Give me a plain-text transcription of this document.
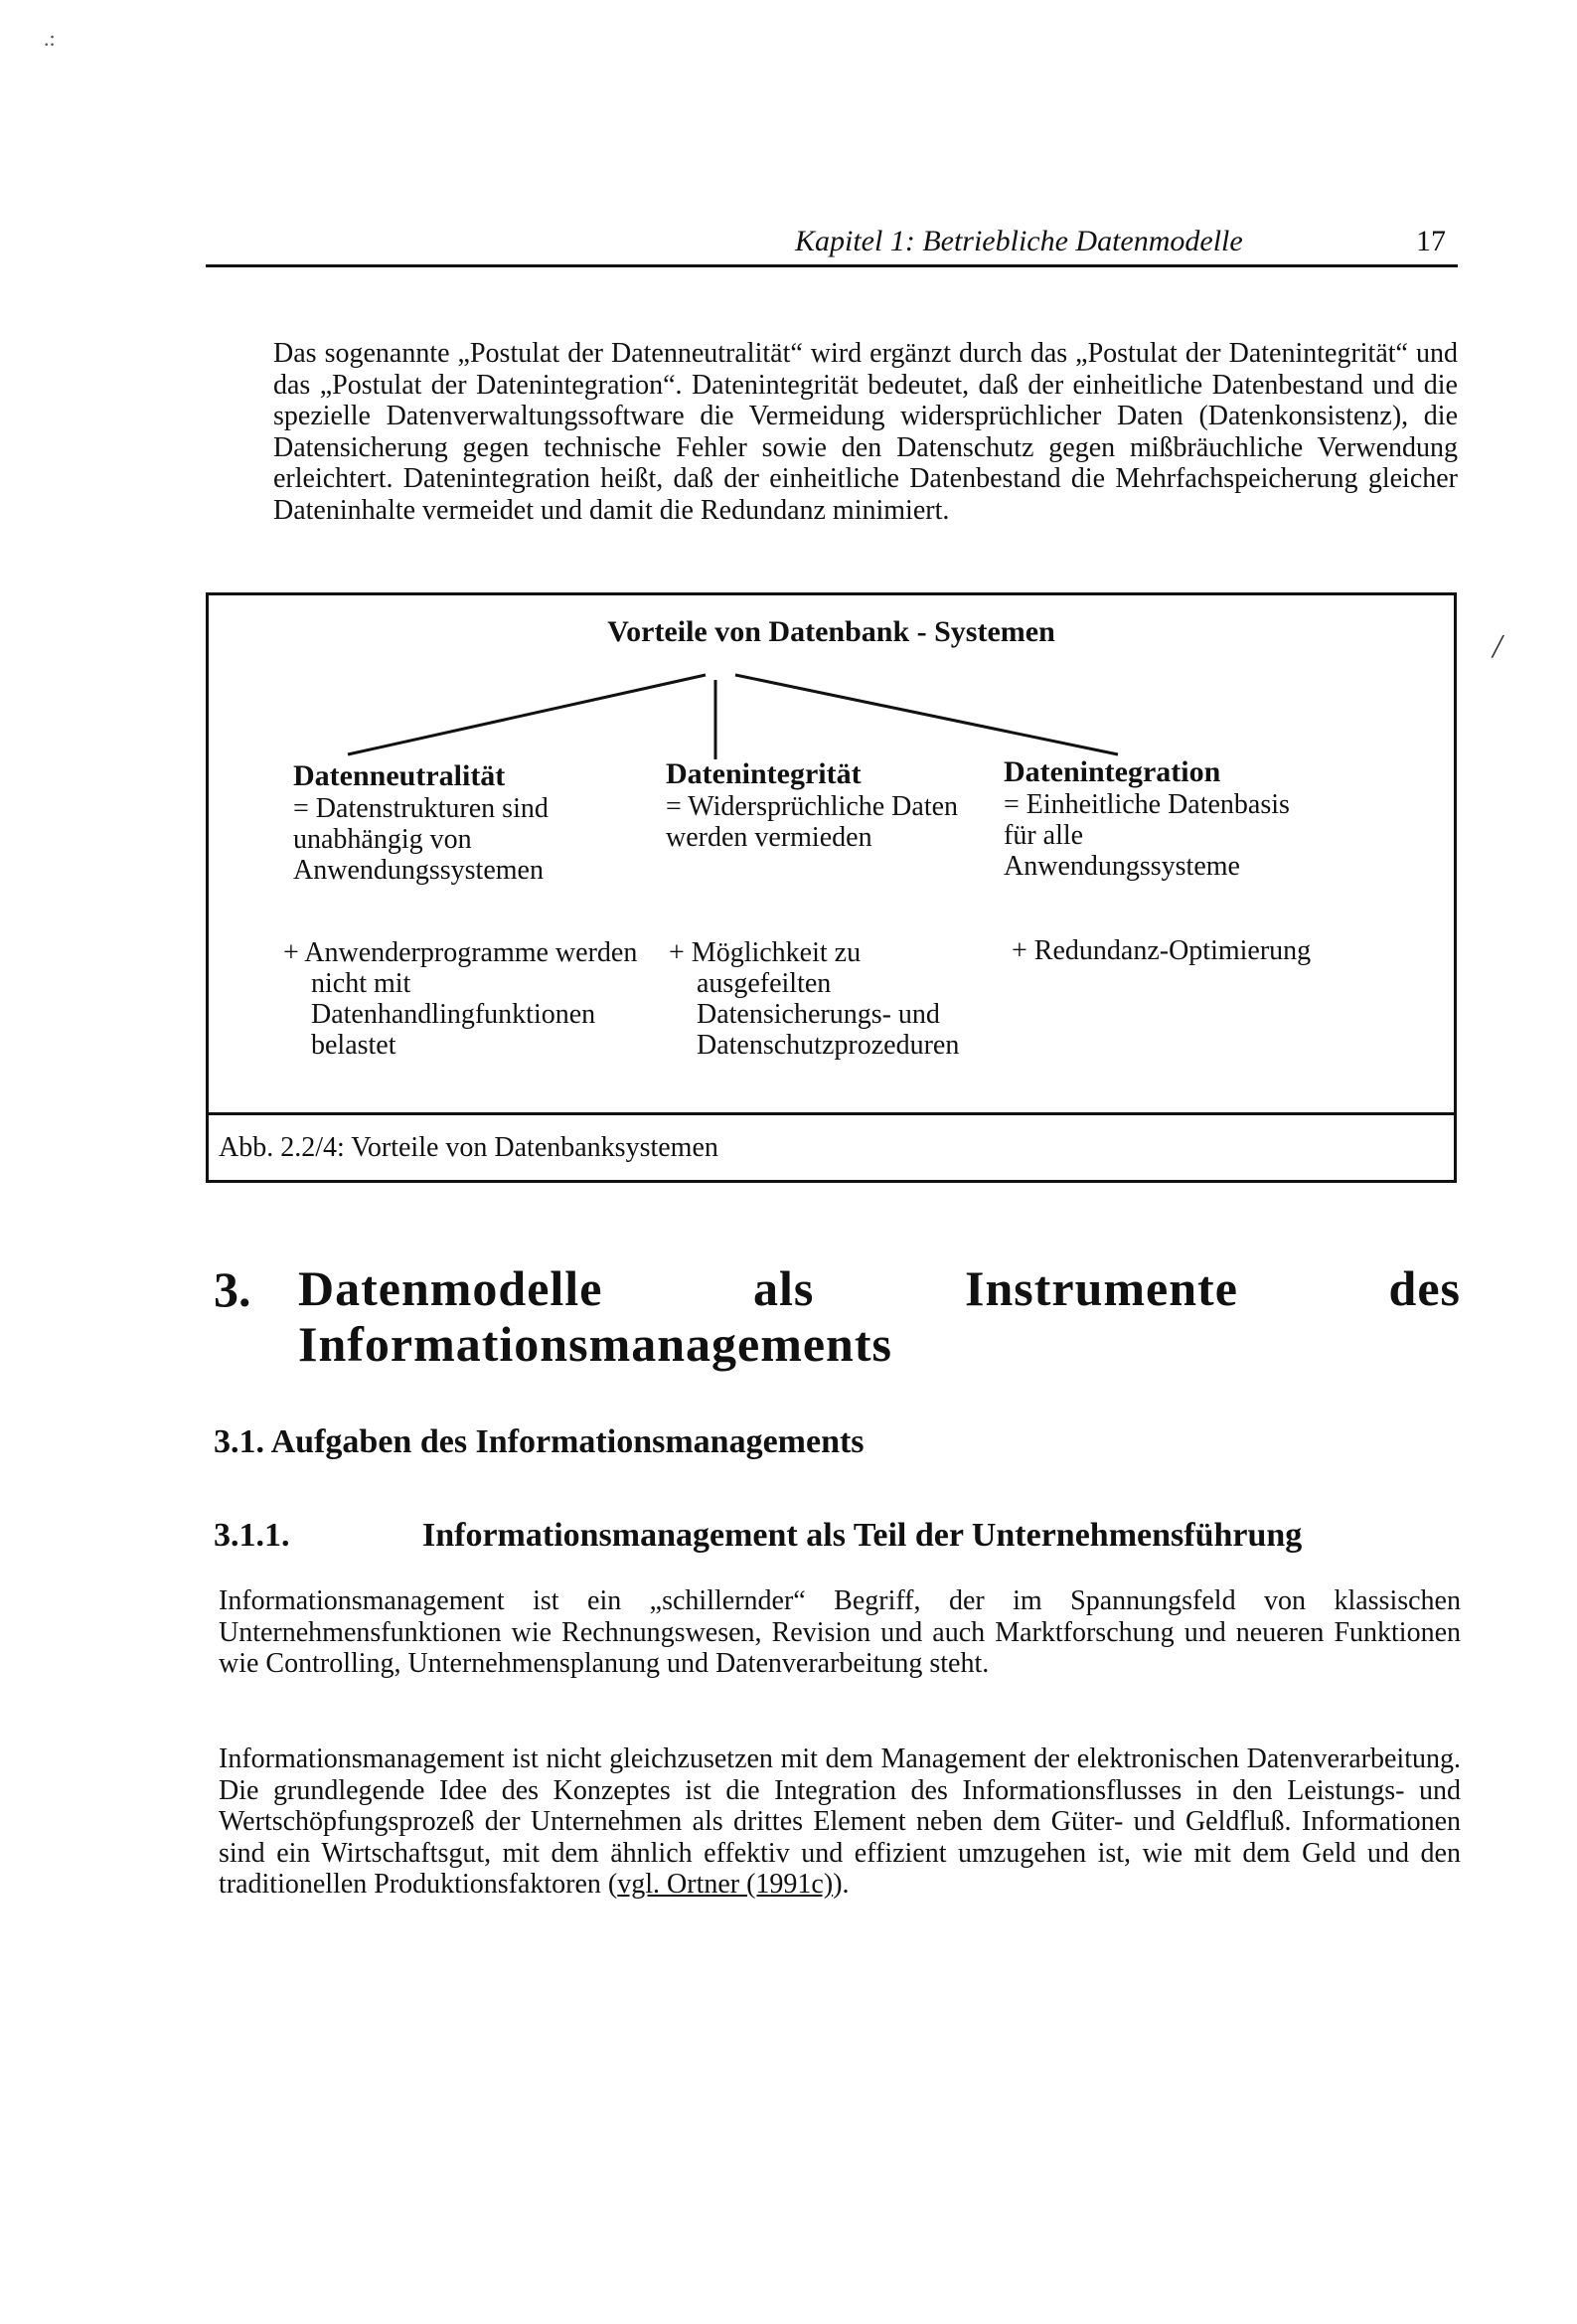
.:
Kapitel 1: Betriebliche Datenmodelle	17
Das sogenannte „Postulat der Datenneutralität“ wird ergänzt durch das „Postulat der Datenintegrität“ und das „Postulat der Datenintegration“. Datenintegrität bedeutet, daß der einheitliche Datenbestand und die spezielle Datenverwaltungssoftware die Vermeidung widersprüchlicher Daten (Datenkonsistenz), die Datensicherung gegen technische Fehler sowie den Datenschutz gegen mißbräuchliche Verwendung erleichtert. Datenintegration heißt, daß der einheitliche Datenbestand die Mehrfachspeicherung gleicher Dateninhalte vermeidet und damit die Redundanz minimiert.
Vorteile von Datenbank - Systemen
Datenneutralität
= Datenstrukturen sind unabhängig von Anwendungssystemen
Datenintegrität
= Widersprüchliche Daten werden vermieden
Datenintegration
= Einheitliche Datenbasis für alle Anwendungssysteme
+ Anwenderprogramme werden nicht mit Datenhandlingfunktionen belastet
+ Möglichkeit zu ausgefeilten Datensicherungs- und Datenschutzprozeduren
+ Redundanz-Optimierung
Abb. 2.2/4: Vorteile von Datenbanksystemen
/
3. Datenmodelle als Instrumente des Informationsmanagements
3.1. Aufgaben des Informationsmanagements
3.1.1.	Informationsmanagement als Teil der Unternehmensführung
Informationsmanagement ist ein „schillernder“ Begriff, der im Spannungsfeld von klassischen Unternehmensfunktionen wie Rechnungswesen, Revision und auch Marktforschung und neueren Funktionen wie Controlling, Unternehmensplanung und Datenverarbeitung steht.
Informationsmanagement ist nicht gleichzusetzen mit dem Management der elektronischen Datenverarbeitung. Die grundlegende Idee des Konzeptes ist die Integration des Informationsflusses in den Leistungs- und Wertschöpfungsprozeß der Unternehmen als drittes Element neben dem Güter- und Geldfluß. Informationen sind ein Wirtschaftsgut, mit dem ähnlich effektiv und effizient umzugehen ist, wie mit dem Geld und den traditionellen Produktionsfaktoren (vgl. Ortner (1991c)).
